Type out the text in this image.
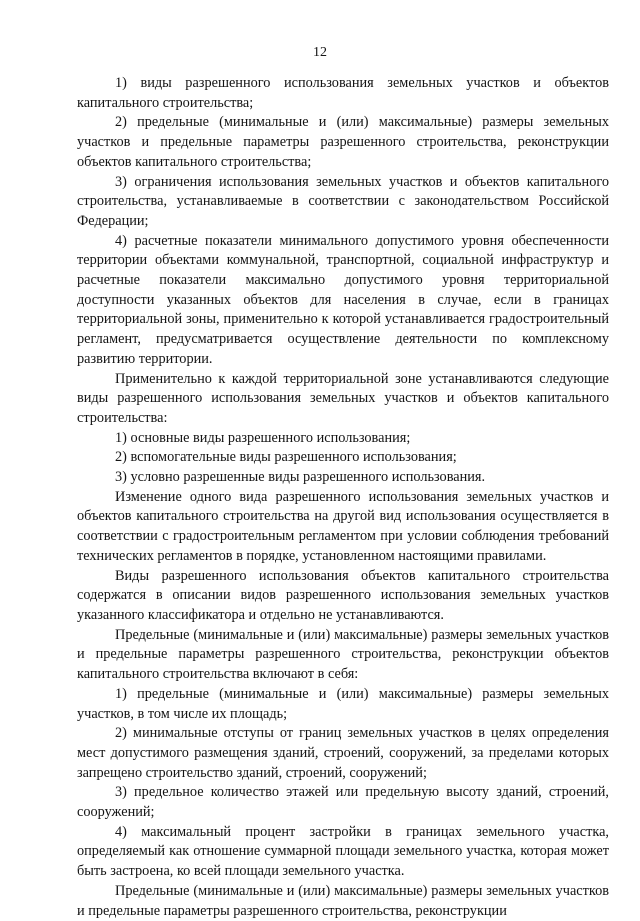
12

1) виды разрешенного использования земельных участков и объектов капитального строительства;

2) предельные (минимальные и (или) максимальные) размеры земельных участков и предельные параметры разрешенного строительства, реконструкции объектов капитального строительства;

3) ограничения использования земельных участков и объектов капитального строительства, устанавливаемые в соответствии с законодательством Российской Федерации;

4) расчетные показатели минимального допустимого уровня обеспеченности территории объектами коммунальной, транспортной, социальной инфраструктур и расчетные показатели максимально допустимого уровня территориальной доступности указанных объектов для населения в случае, если в границах территориальной зоны, применительно к которой устанавливается градостроительный регламент, предусматривается осуществление деятельности по комплексному развитию территории.

Применительно к каждой территориальной зоне устанавливаются следующие виды разрешенного использования земельных участков и объектов капитального строительства:

1) основные виды разрешенного использования;

2) вспомогательные виды разрешенного использования;

3) условно разрешенные виды разрешенного использования.

Изменение одного вида разрешенного использования земельных участков и объектов капитального строительства на другой вид использования осуществляется в соответствии с градостроительным регламентом при условии соблюдения требований технических регламентов в порядке, установленном настоящими правилами.

Виды разрешенного использования объектов капитального строительства содержатся в описании видов разрешенного использования земельных участков указанного классификатора и отдельно не устанавливаются.

Предельные (минимальные и (или) максимальные) размеры земельных участков и предельные параметры разрешенного строительства, реконструкции объектов капитального строительства включают в себя:

1) предельные (минимальные и (или) максимальные) размеры земельных участков, в том числе их площадь;

2) минимальные отступы от границ земельных участков в целях определения мест допустимого размещения зданий, строений, сооружений, за пределами которых запрещено строительство зданий, строений, сооружений;

3) предельное количество этажей или предельную высоту зданий, строений, сооружений;

4) максимальный процент застройки в границах земельного участка, определяемый как отношение суммарной площади земельного участка, которая может быть застроена, ко всей площади земельного участка.

Предельные (минимальные и (или) максимальные) размеры земельных участков и предельные параметры разрешенного строительства, реконструкции
